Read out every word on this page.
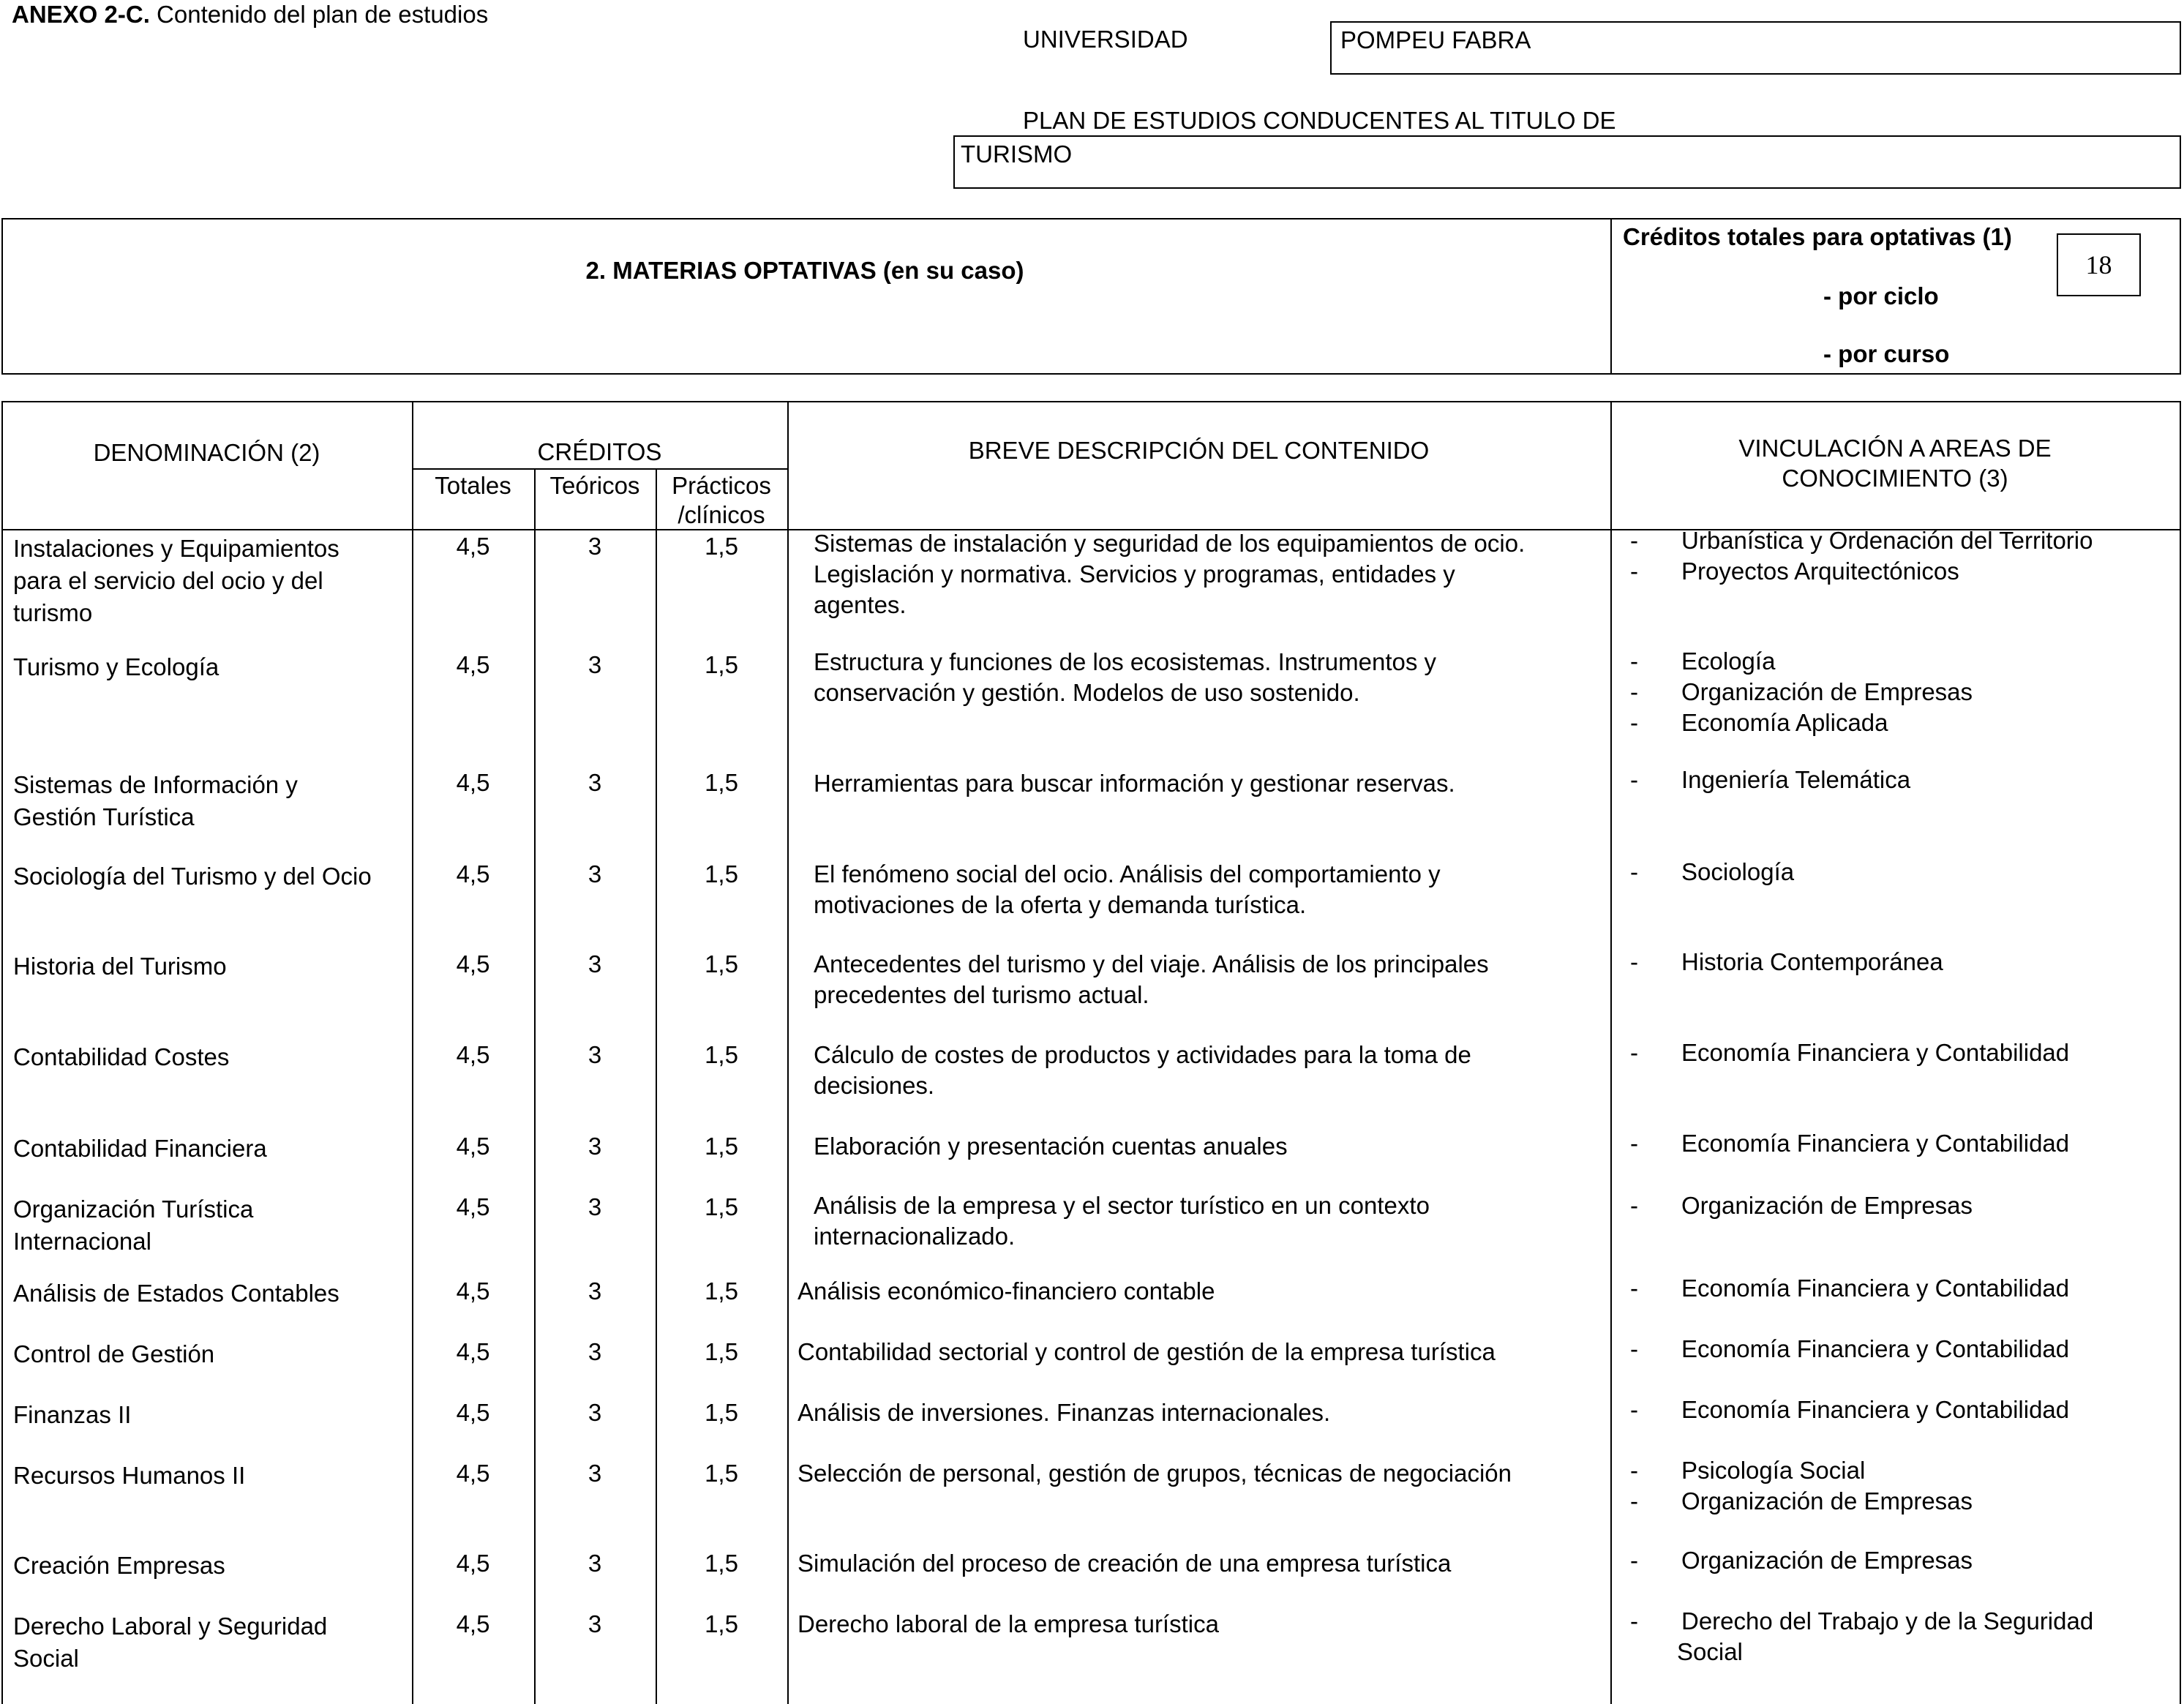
ANEXO 2-C. Contenido del plan de estudios
UNIVERSIDAD	POMPEU FABRA
PLAN DE ESTUDIOS CONDUCENTES AL TITULO DE
TURISMO
2. MATERIAS OPTATIVAS (en su caso)
Créditos totales para optativas (1)
18
- por ciclo
- por curso
DENOMINACIÓN (2)	CRÉDITOS
Totales	Teóricos	Prácticos
/clínicos
BREVE DESCRIPCIÓN DEL CONTENIDO	VINCULACIÓN A AREAS DE
CONOCIMIENTO (3)
Instalaciones y Equipamientos
para el servicio del ocio y del
turismo
4,5	3	1,5	Sistemas de instalación y seguridad de los equipamientos de ocio.
Legislación y normativa. Servicios y programas, entidades y
agentes.
- Urbanística y Ordenación del Territorio
- Proyectos Arquitectónicos
Turismo y Ecología	4,5	3	1,5	Estructura y funciones de los ecosistemas. Instrumentos y
conservación y gestión. Modelos de uso sostenido.
- Ecología
- Organización de Empresas
- Economía Aplicada
Sistemas de Información y
Gestión Turística
4,5	3	1,5	Herramientas para buscar información y gestionar reservas.	- Ingeniería Telemática
Sociología del Turismo y del Ocio	4,5	3	1,5	El fenómeno social del ocio. Análisis del comportamiento y
motivaciones de la oferta y demanda turística.
- Sociología
Historia del Turismo	4,5	3	1,5	Antecedentes del turismo y del viaje. Análisis de los principales
precedentes del turismo actual.
- Historia Contemporánea
Contabilidad Costes	4,5	3	1,5	Cálculo de costes de productos y actividades para la toma de
decisiones.
- Economía Financiera y Contabilidad
Contabilidad Financiera	4,5	3	1,5	Elaboración y presentación cuentas anuales	- Economía Financiera y Contabilidad
Organización Turística
Internacional
4,5	3	1,5	Análisis de la empresa y el sector turístico en un contexto
internacionalizado.
- Organización de Empresas
Análisis de Estados Contables	4,5	3	1,5	Análisis económico-financiero contable	- Economía Financiera y Contabilidad
Control de Gestión	4,5	3	1,5	Contabilidad sectorial y control de gestión de la empresa turística	- Economía Financiera y Contabilidad
Finanzas II	4,5	3	1,5	Análisis de inversiones. Finanzas internacionales.	- Economía Financiera y Contabilidad
Recursos Humanos II	4,5	3	1,5	Selección de personal, gestión de grupos, técnicas de negociación	- Psicología Social
- Organización de Empresas
Creación Empresas	4,5	3	1,5	Simulación del proceso de creación de una empresa turística	- Organización de Empresas
Derecho Laboral y Seguridad
Social
4,5	3	1,5	Derecho laboral de la empresa turística	- Derecho del Trabajo y de la Seguridad
Social
